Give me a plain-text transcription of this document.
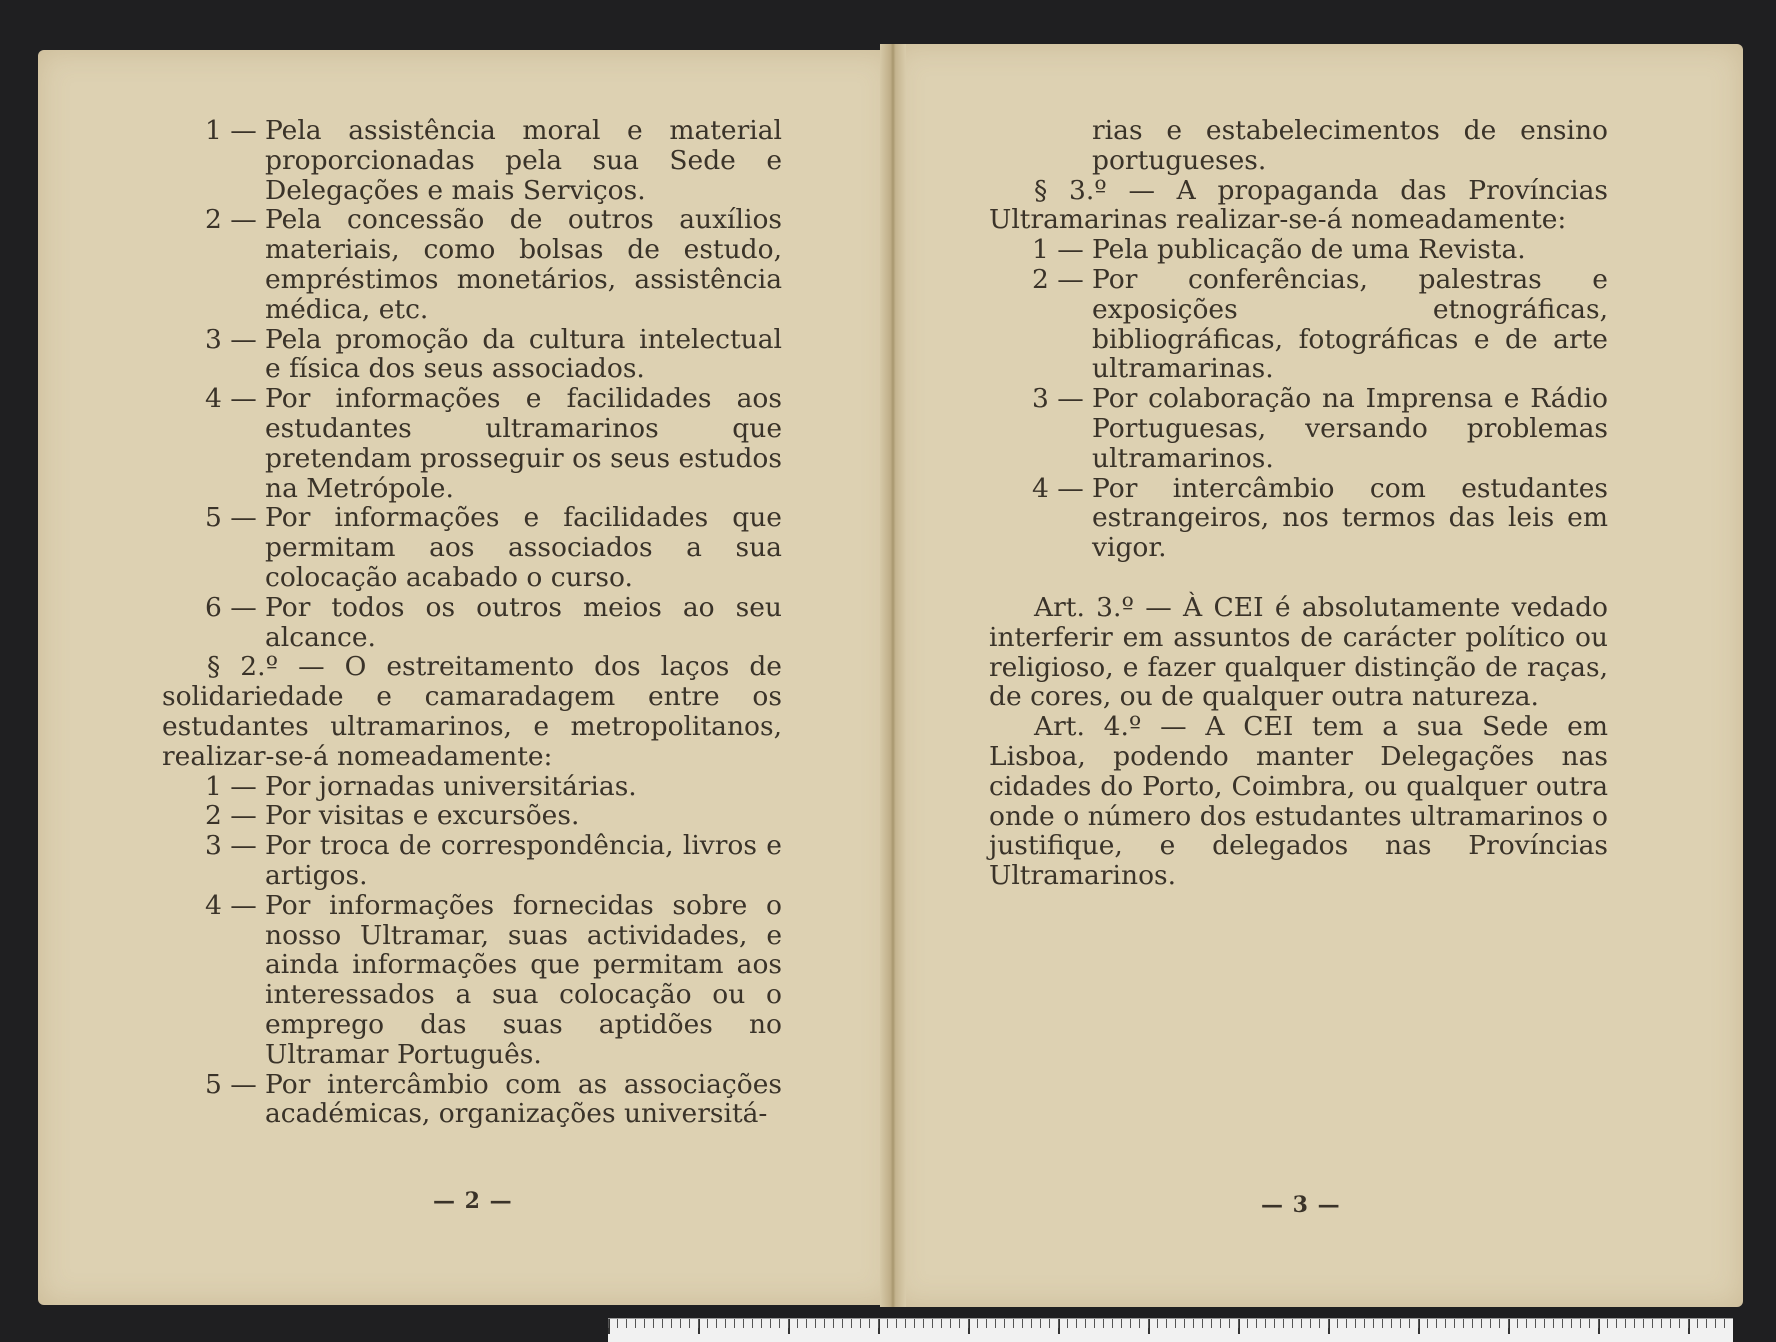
1 — Pela assistência moral e material proporcionadas pela sua Sede e Delegações e mais Serviços.
2 — Pela concessão de outros auxílios materiais, como bolsas de estudo, empréstimos monetários, assistência médica, etc.
3 — Pela promoção da cultura intelectual e física dos seus associados.
4 — Por informações e facilidades aos estudantes ultramarinos que pretendam prosseguir os seus estudos na Metrópole.
5 — Por informações e facilidades que permitam aos associados a sua colocação acabado o curso.
6 — Por todos os outros meios ao seu alcance.
§ 2.º — O estreitamento dos laços de solidariedade e camaradagem entre os estudantes ultramarinos, e metropolitanos, realizar-se-á nomeadamente:
1 — Por jornadas universitárias.
2 — Por visitas e excursões.
3 — Por troca de correspondência, livros e artigos.
4 — Por informações fornecidas sobre o nosso Ultramar, suas actividades, e ainda informações que permitam aos interessados a sua colocação ou o emprego das suas aptidões no Ultramar Português.
5 — Por intercâmbio com as associações académicas, organizações universitá-
— 2 —
rias e estabelecimentos de ensino portugueses.
§ 3.º — A propaganda das Províncias Ultramarinas realizar-se-á nomeadamente:
1 — Pela publicação de uma Revista.
2 — Por conferências, palestras e exposições etnográficas, bibliográficas, fotográficas e de arte ultramarinas.
3 — Por colaboração na Imprensa e Rádio Portuguesas, versando problemas ultramarinos.
4 — Por intercâmbio com estudantes estrangeiros, nos termos das leis em vigor.
Art. 3.º — À CEI é absolutamente vedado interferir em assuntos de carácter político ou religioso, e fazer qualquer distinção de raças, de cores, ou de qualquer outra natureza.
Art. 4.º — A CEI tem a sua Sede em Lisboa, podendo manter Delegações nas cidades do Porto, Coimbra, ou qualquer outra onde o número dos estudantes ultramarinos o justifique, e delegados nas Províncias Ultramarinos.
— 3 —
